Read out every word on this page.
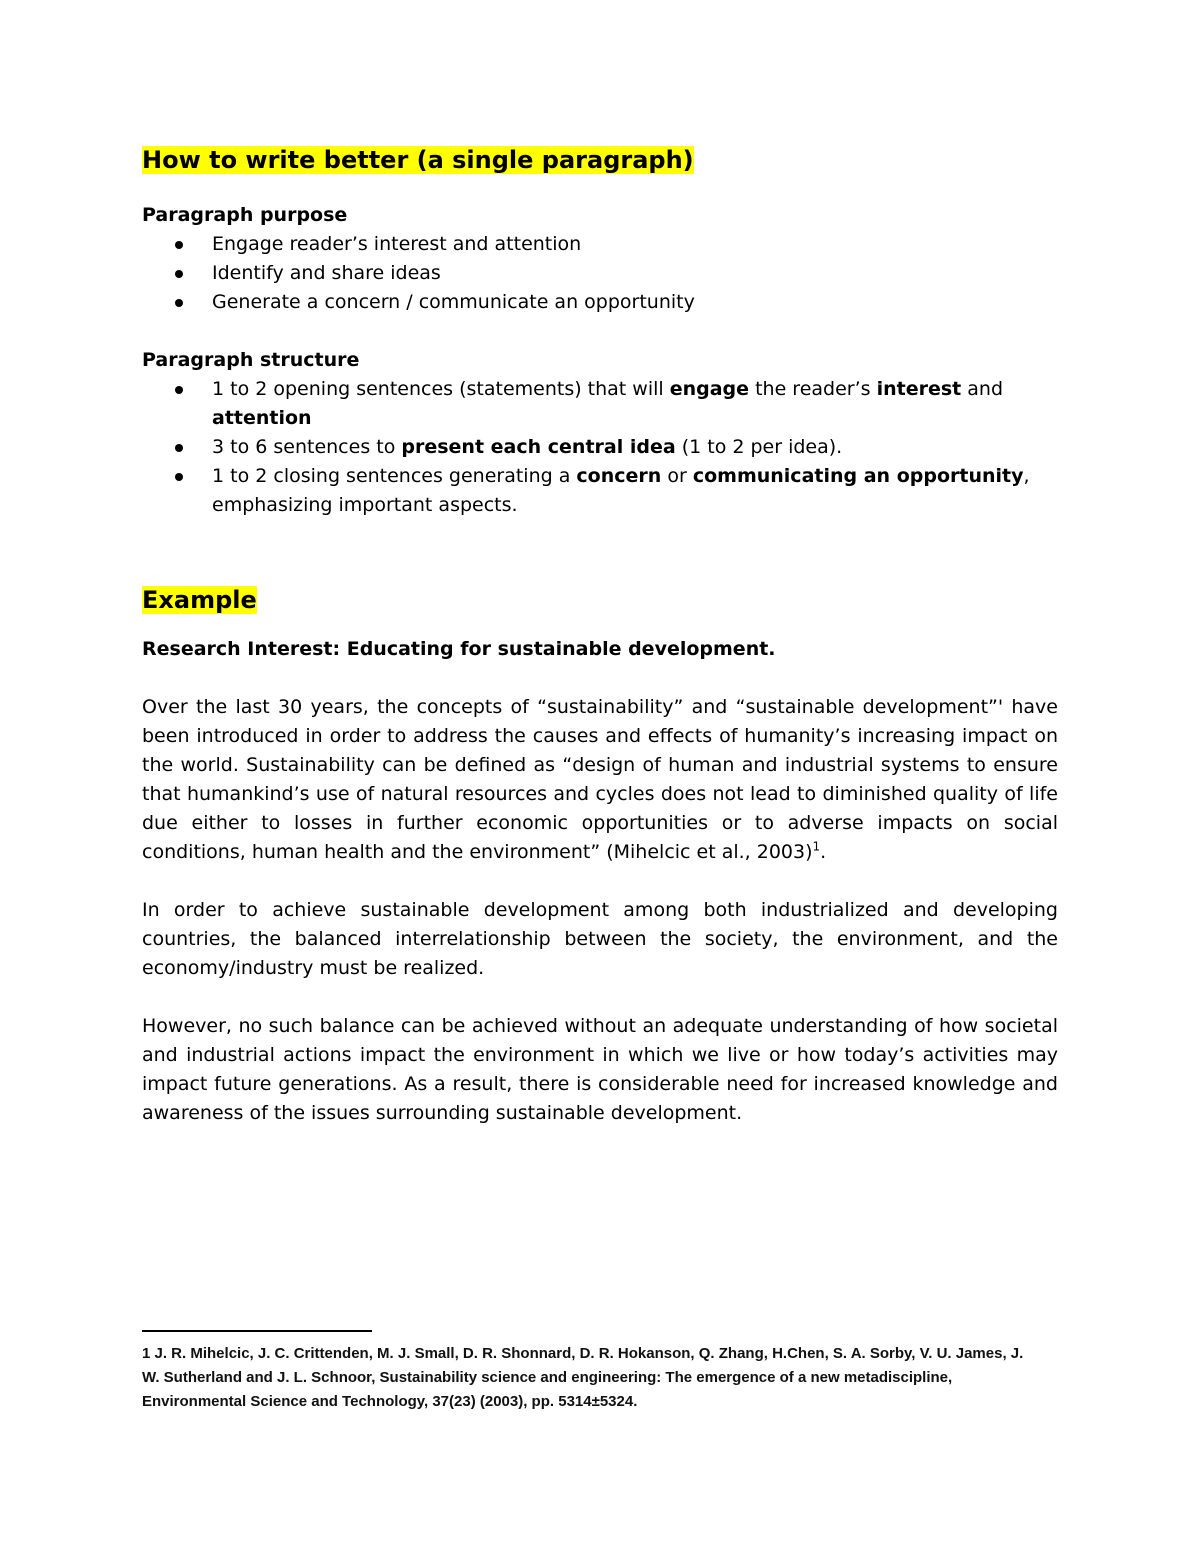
How to write better (a single paragraph)

Paragraph purpose

Engage reader’s interest and attention
Identify and share ideas
Generate a concern / communicate an opportunity

Paragraph structure

1 to 2 opening sentences (statements) that will engage the reader’s interest and attention
3 to 6 sentences to present each central idea (1 to 2 per idea).
1 to 2 closing sentences generating a concern or communicating an opportunity, emphasizing important aspects.

Example

Research Interest: Educating for sustainable development.

Over the last 30 years, the concepts of “sustainability” and “sustainable development”' have been introduced in order to address the causes and effects of humanity’s increasing impact on the world. Sustainability can be defined as “design of human and industrial systems to ensure that humankind’s use of natural resources and cycles does not lead to diminished quality of life due either to losses in further economic opportunities or to adverse impacts on social conditions, human health and the environment” (Mihelcic et al., 2003)$^1$.

In order to achieve sustainable development among both industrialized and developing countries, the balanced interrelationship between the society, the environment, and the economy/industry must be realized.

However, no such balance can be achieved without an adequate understanding of how societal and industrial actions impact the environment in which we live or how today’s activities may impact future generations. As a result, there is considerable need for increased knowledge and awareness of the issues surrounding sustainable development.

1 J. R. Mihelcic, J. C. Crittenden, M. J. Small, D. R. Shonnard, D. R. Hokanson, Q. Zhang, H.Chen, S. A. Sorby, V. U. James, J. W. Sutherland and J. L. Schnoor, Sustainability science and engineering: The emergence of a new metadiscipline, Environmental Science and Technology, 37(23) (2003), pp. 5314±5324.
